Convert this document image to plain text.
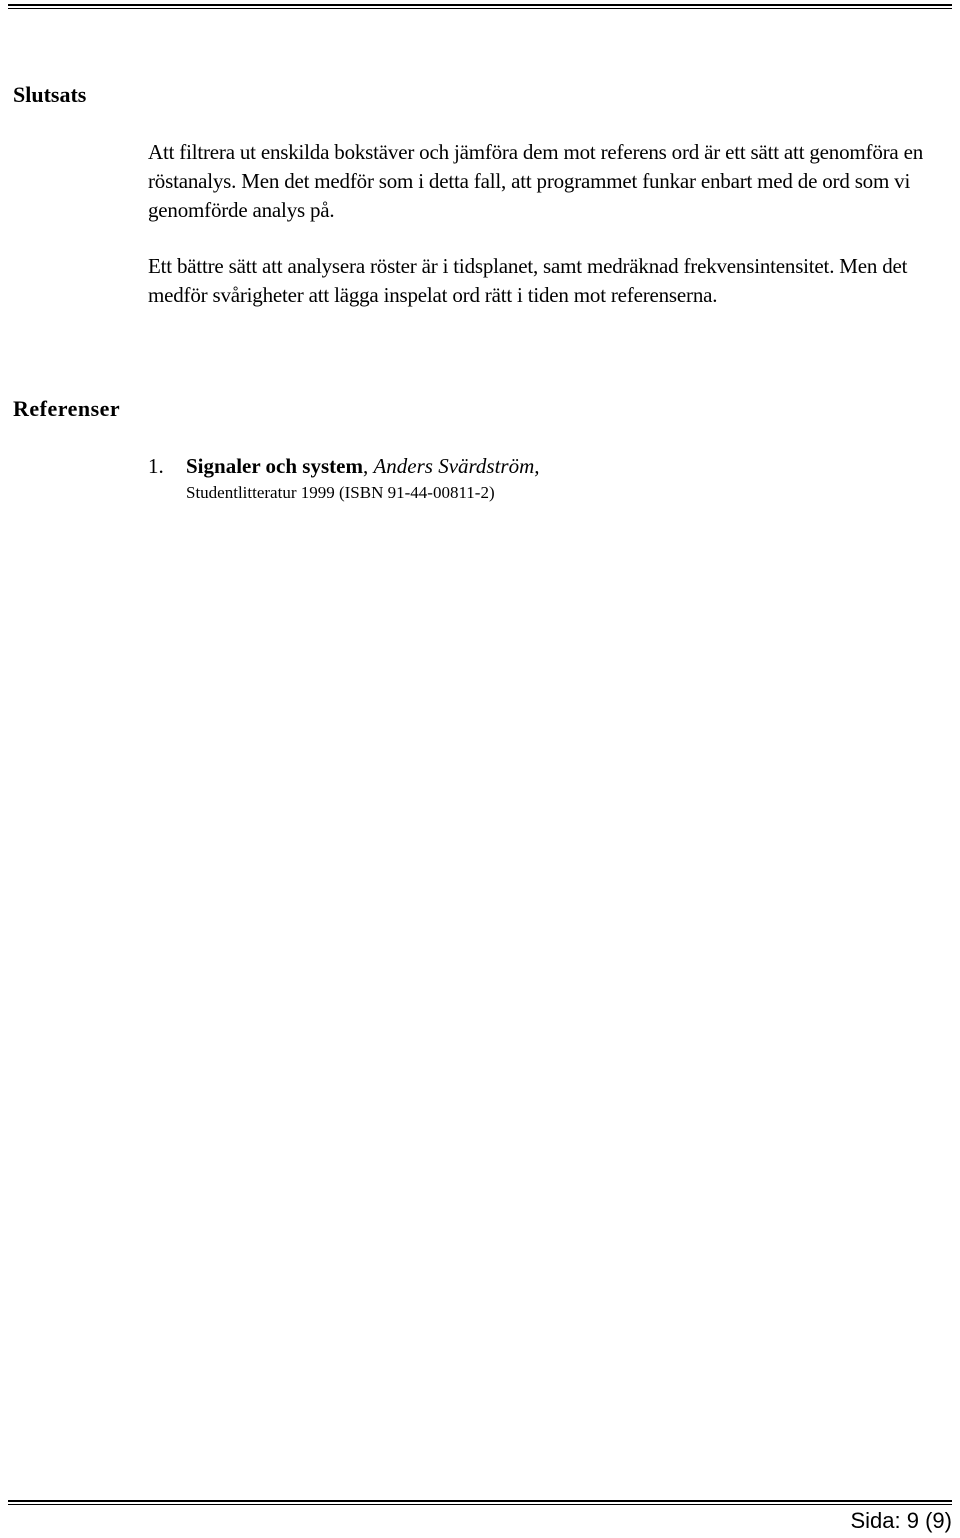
Slutsats

Att filtrera ut enskilda bokstäver och jämföra dem mot referens ord är ett sätt att genomföra en röstanalys. Men det medför som i detta fall, att programmet funkar enbart med de ord som vi genomförde analys på.

Ett bättre sätt att analysera röster är i tidsplanet, samt medräknad frekvensintensitet. Men det medför svårigheter att lägga inspelat ord rätt i tiden mot referenserna.

Referenser
1. Signaler och system, Anders Svärdström,
Studentlitteratur 1999 (ISBN 91-44-00811-2)
Sida: 9 (9)
